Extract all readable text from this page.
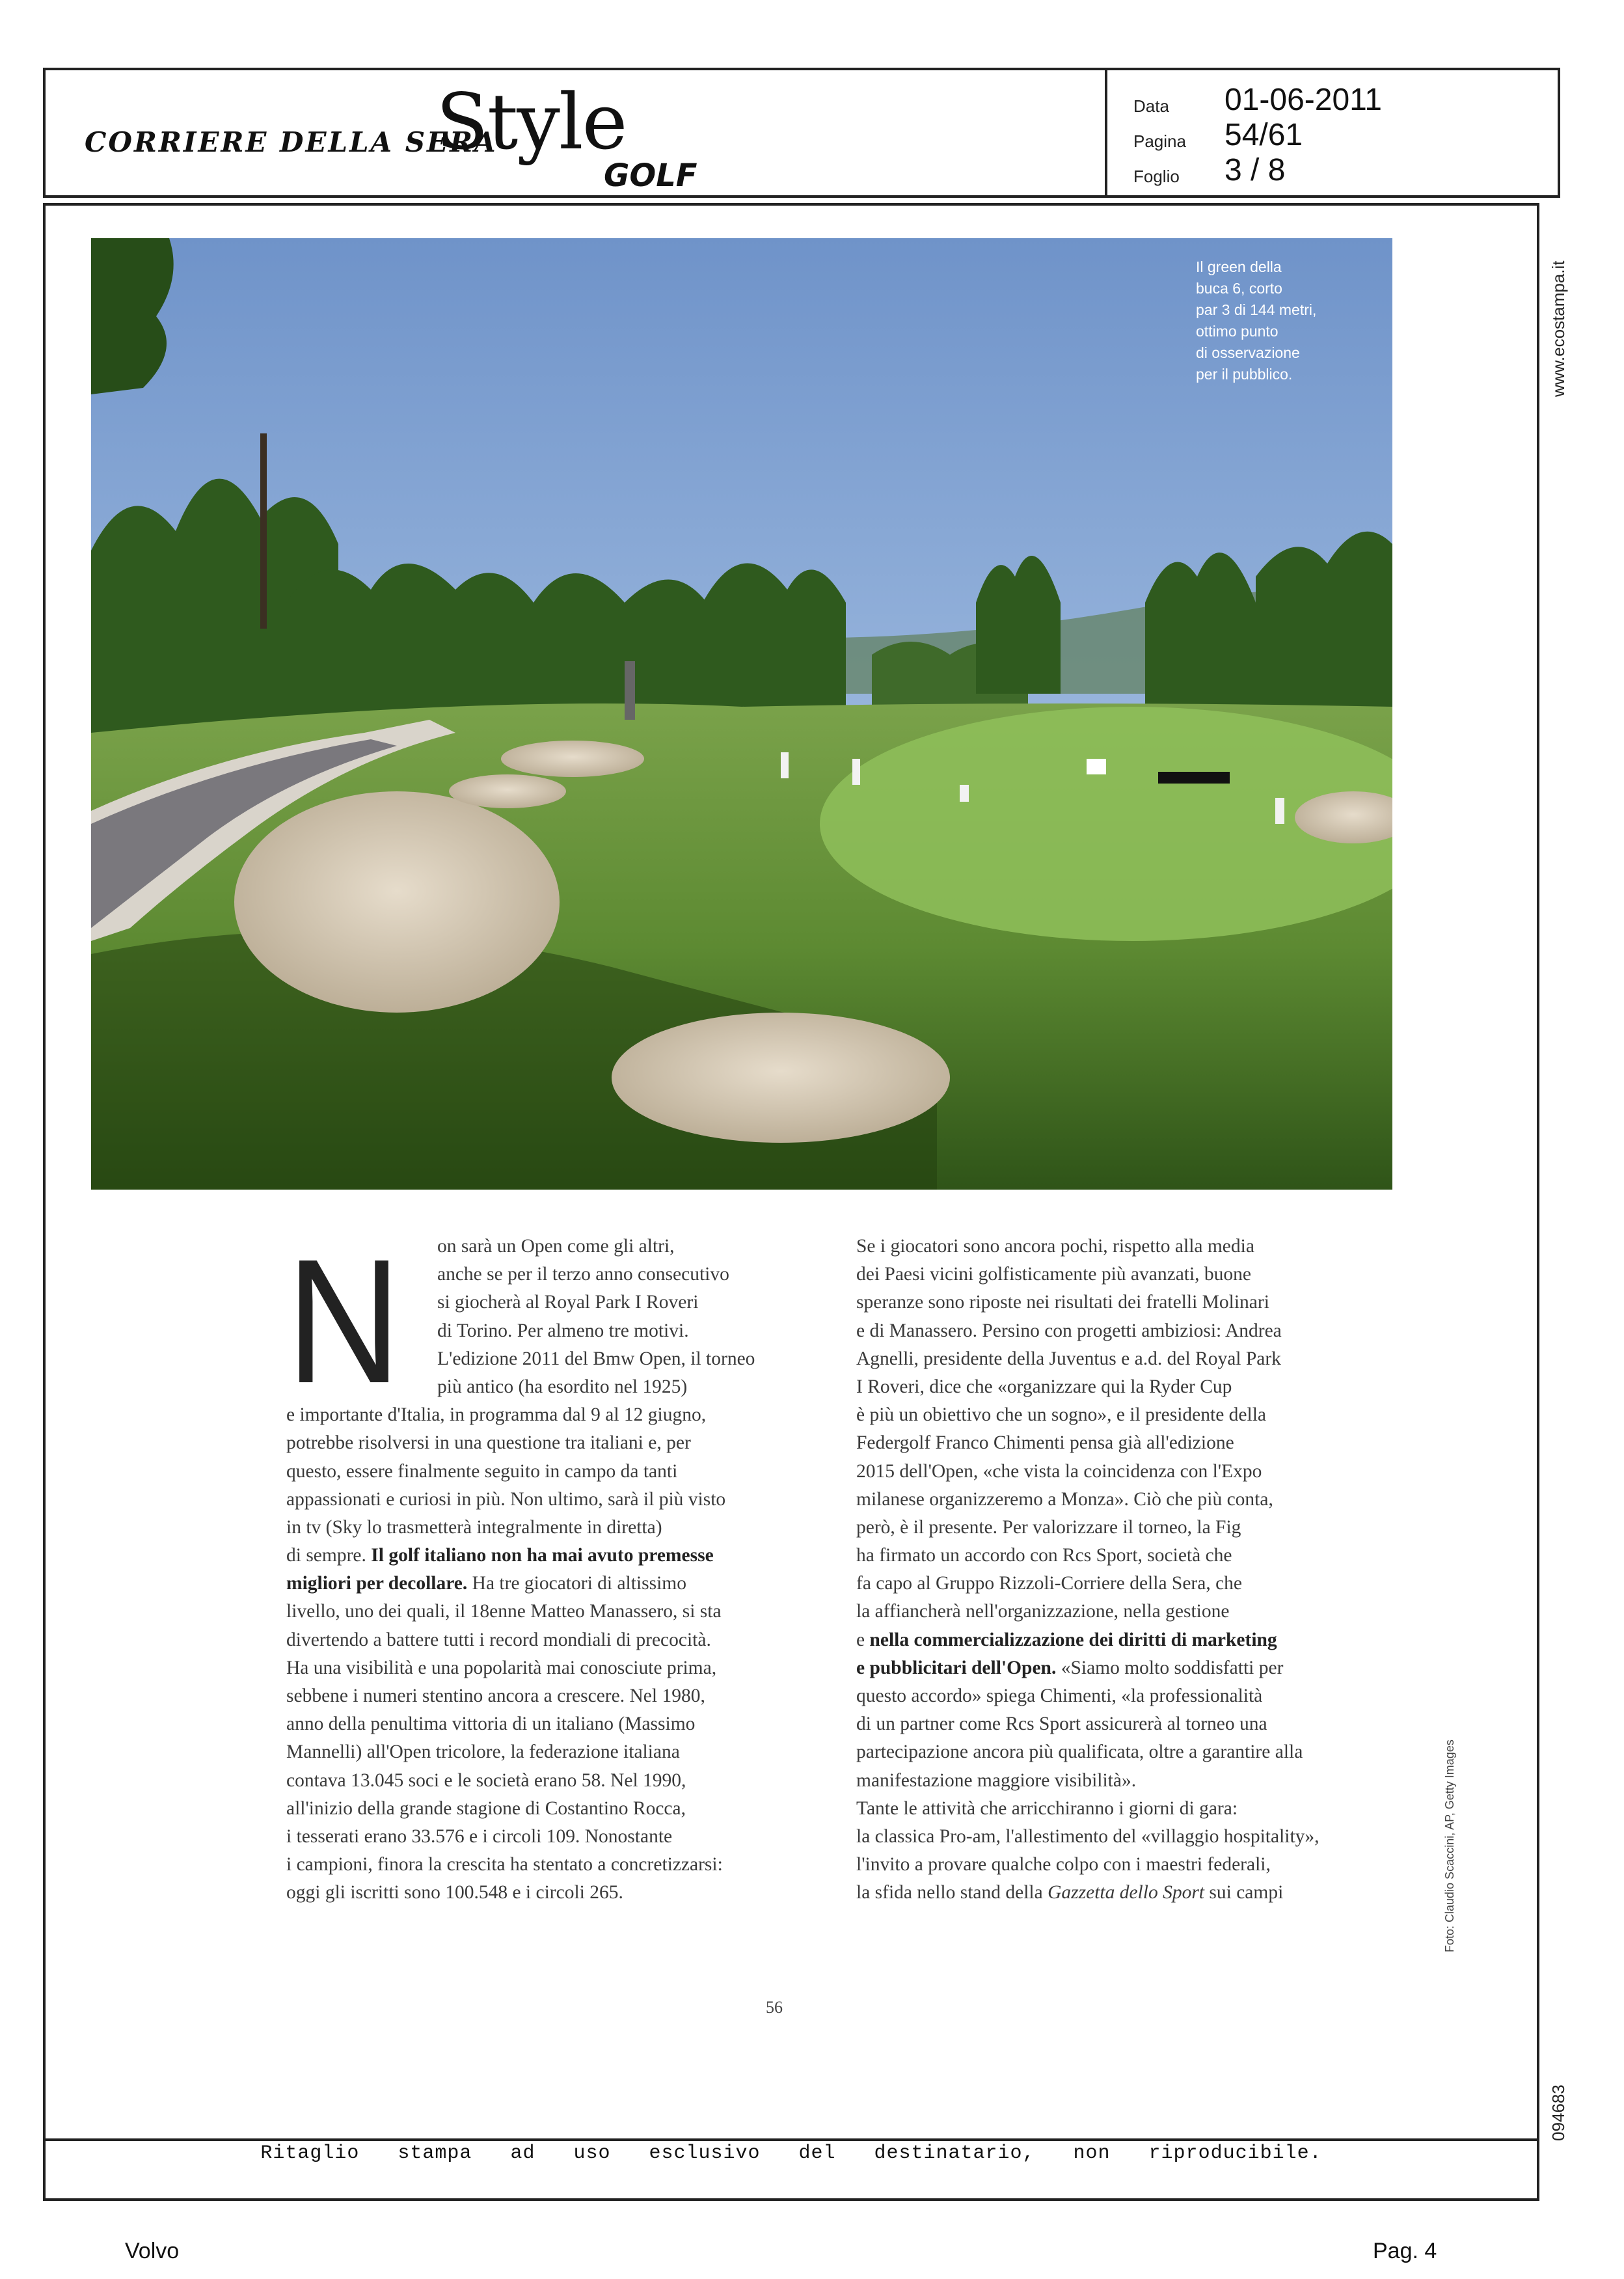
CORRIERE DELLA SERA
Style
GOLF
Data	01-06-2011
Pagina	54/61
Foglio	3 / 8
www.ecostampa.it
Il green della
buca 6, corto
par 3 di 144 metri,
ottimo punto
di osservazione
per il pubblico.
N	on sarà un Open come gli altri,
anche se per il terzo anno consecutivo
si giocherà al Royal Park I Roveri
di Torino. Per almeno tre motivi.
L'edizione 2011 del Bmw Open, il torneo
più antico (ha esordito nel 1925)
e importante d'Italia, in programma dal 9 al 12 giugno,
potrebbe risolversi in una questione tra italiani e, per
questo, essere finalmente seguito in campo da tanti
appassionati e curiosi in più. Non ultimo, sarà il più visto
in tv (Sky lo trasmetterà integralmente in diretta)
di sempre. Il golf italiano non ha mai avuto premesse
migliori per decollare. Ha tre giocatori di altissimo
livello, uno dei quali, il 18enne Matteo Manassero, si sta
divertendo a battere tutti i record mondiali di precocità.
Ha una visibilità e una popolarità mai conosciute prima,
sebbene i numeri stentino ancora a crescere. Nel 1980,
anno della penultima vittoria di un italiano (Massimo
Mannelli) all'Open tricolore, la federazione italiana
contava 13.045 soci e le società erano 58. Nel 1990,
all'inizio della grande stagione di Costantino Rocca,
i tesserati erano 33.576 e i circoli 109. Nonostante
i campioni, finora la crescita ha stentato a concretizzarsi:
oggi gli iscritti sono 100.548 e i circoli 265.
Se i giocatori sono ancora pochi, rispetto alla media
dei Paesi vicini golfisticamente più avanzati, buone
speranze sono riposte nei risultati dei fratelli Molinari
e di Manassero. Persino con progetti ambiziosi: Andrea
Agnelli, presidente della Juventus e a.d. del Royal Park
I Roveri, dice che «organizzare qui la Ryder Cup
è più un obiettivo che un sogno», e il presidente della
Federgolf Franco Chimenti pensa già all'edizione
2015 dell'Open, «che vista la coincidenza con l'Expo
milanese organizzeremo a Monza». Ciò che più conta,
però, è il presente. Per valorizzare il torneo, la Fig
ha firmato un accordo con Rcs Sport, società che
fa capo al Gruppo Rizzoli-Corriere della Sera, che
la affiancherà nell'organizzazione, nella gestione
e nella commercializzazione dei diritti di marketing
e pubblicitari dell'Open. «Siamo molto soddisfatti per
questo accordo» spiega Chimenti, «la professionalità
di un partner come Rcs Sport assicurerà al torneo una
partecipazione ancora più qualificata, oltre a garantire alla
manifestazione maggiore visibilità».
Tante le attività che arricchiranno i giorni di gara:
la classica Pro-am, l'allestimento del «villaggio hospitality»,
l'invito a provare qualche colpo con i maestri federali,
la sfida nello stand della Gazzetta dello Sport sui campi	Foto: Claudio Scaccini, AP, Getty Images
56
094683
Ritaglio stampa ad uso esclusivo del destinatario, non riproducibile.
Volvo	Pag. 4
